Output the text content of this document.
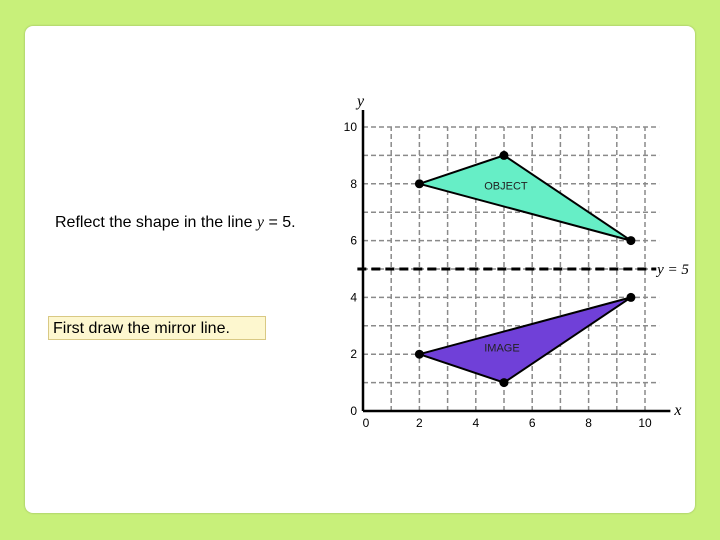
Reflect the shape in the line y = 5.
First draw the mirror line.
0
2
4
6
8
10
0	2	4	6	8	10
OBJECT
IMAGE
y = 5
x
y
